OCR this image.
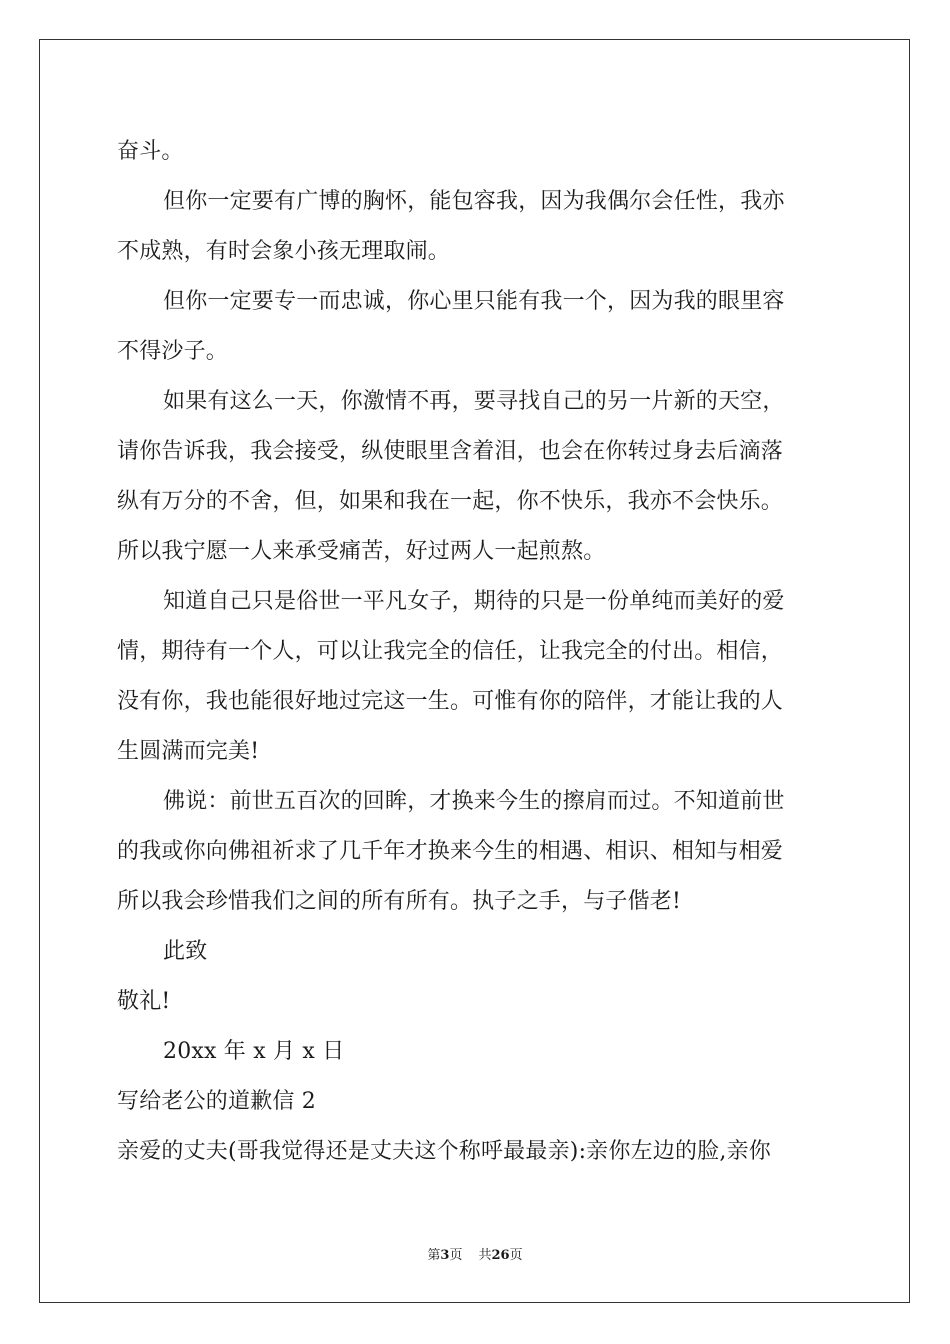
奋斗。
但你一定要有广博的胸怀，能包容我，因为我偶尔会任性，我亦
不成熟，有时会象小孩无理取闹。
但你一定要专一而忠诚，你心里只能有我一个，因为我的眼里容
不得沙子。
如果有这么一天，你激情不再，要寻找自己的另一片新的天空，
请你告诉我，我会接受，纵使眼里含着泪，也会在你转过身去后滴落
纵有万分的不舍，但，如果和我在一起，你不快乐，我亦不会快乐。
所以我宁愿一人来承受痛苦，好过两人一起煎熬。
知道自己只是俗世一平凡女子，期待的只是一份单纯而美好的爱
情，期待有一个人，可以让我完全的信任，让我完全的付出。相信，
没有你，我也能很好地过完这一生。可惟有你的陪伴，才能让我的人
生圆满而完美!
佛说：前世五百次的回眸，才换来今生的擦肩而过。不知道前世
的我或你向佛祖祈求了几千年才换来今生的相遇、相识、相知与相爱
所以我会珍惜我们之间的所有所有。执子之手，与子偕老!
此致
敬礼!
20xx 年 x 月 x 日
写给老公的道歉信 2
亲爱的丈夫(哥我觉得还是丈夫这个称呼最最亲):亲你左边的脸,亲你
第3页 共26页
